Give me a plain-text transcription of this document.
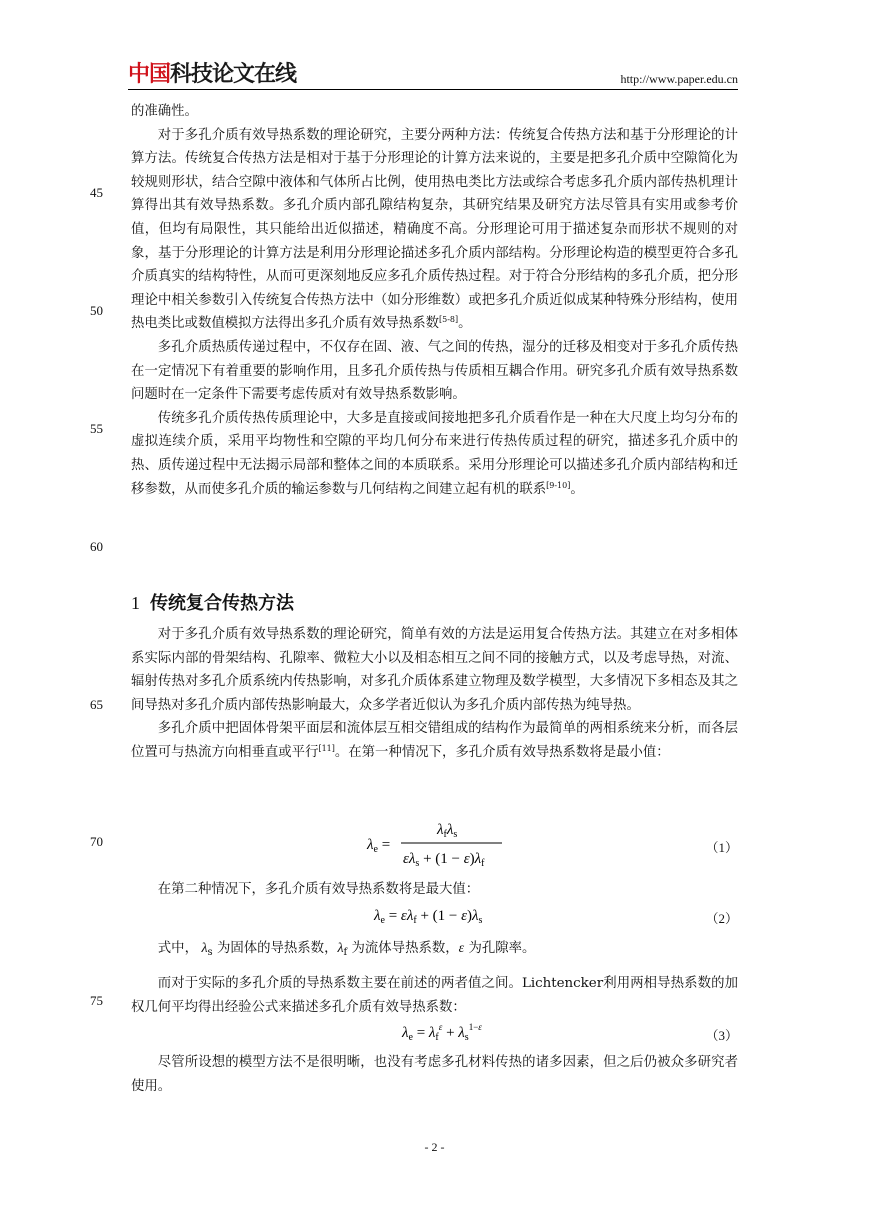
中国科技论文在线	http://www.paper.edu.cn
45
50
55
60
65
70
75

的准确性。

对于多孔介质有效导热系数的理论研究，主要分两种方法：传统复合传热方法和基于分形理论的计算方法。传统复合传热方法是相对于基于分形理论的计算方法来说的，主要是把多孔介质中空隙简化为较规则形状，结合空隙中液体和气体所占比例，使用热电类比方法或综合考虑多孔介质内部传热机理计算得出其有效导热系数。多孔介质内部孔隙结构复杂，其研究结果及研究方法尽管具有实用或参考价值，但均有局限性，其只能给出近似描述，精确度不高。分形理论可用于描述复杂而形状不规则的对象，基于分形理论的计算方法是利用分形理论描述多孔介质内部结构。分形理论构造的模型更符合多孔介质真实的结构特性，从而可更深刻地反应多孔介质传热过程。对于符合分形结构的多孔介质，把分形理论中相关参数引入传统复合传热方法中（如分形维数）或把多孔介质近似成某种特殊分形结构，使用热电类比或数值模拟方法得出多孔介质有效导热系数[5-8]。

多孔介质热质传递过程中，不仅存在固、液、气之间的传热，湿分的迁移及相变对于多孔介质传热在一定情况下有着重要的影响作用，且多孔介质传热与传质相互耦合作用。研究多孔介质有效导热系数问题时在一定条件下需要考虑传质对有效导热系数影响。

传统多孔介质传热传质理论中，大多是直接或间接地把多孔介质看作是一种在大尺度上均匀分布的虚拟连续介质，采用平均物性和空隙的平均几何分布来进行传热传质过程的研究，描述多孔介质中的热、质传递过程中无法揭示局部和整体之间的本质联系。采用分形理论可以描述多孔介质内部结构和迁移参数，从而使多孔介质的输运参数与几何结构之间建立起有机的联系[9-10]。

1 传统复合传热方法

对于多孔介质有效导热系数的理论研究，简单有效的方法是运用复合传热方法。其建立在对多相体系实际内部的骨架结构、孔隙率、微粒大小以及相态相互之间不同的接触方式，以及考虑导热，对流、辐射传热对多孔介质系统内传热影响，对多孔介质体系建立物理及数学模型，大多情况下多相态及其之间导热对多孔介质内部传热影响最大，众多学者近似认为多孔介质内部传热为纯导热。

多孔介质中把固体骨架平面层和流体层互相交错组成的结构作为最简单的两相系统来分析，而各层位置可与热流方向相垂直或平行[11]。在第一种情况下，多孔介质有效导热系数将是最小值：

$\lambda_e$ =
$\lambda_f\lambda_s$
$\varepsilon\lambda_s + (1 - \varepsilon)\lambda_f$
（1）

在第二种情况下，多孔介质有效导热系数将是最大值：

$\lambda_e = \varepsilon\lambda_f + (1 - \varepsilon)\lambda_s$	（2）

式中， $\lambda_s$ 为固体的导热系数，$\lambda_f$ 为流体导热系数，ε 为孔隙率。

而对于实际的多孔介质的导热系数主要在前述的两者值之间。Lichtencker利用两相导热系数的加权几何平均得出经验公式来描述多孔介质有效导热系数：

$\lambda_e = \lambda_f^\varepsilon + \lambda_s^{1-}\varepsilon$
（3）

尽管所设想的模型方法不是很明晰，也没有考虑多孔材料传热的诸多因素，但之后仍被众多研究者使用。

- 2 -
